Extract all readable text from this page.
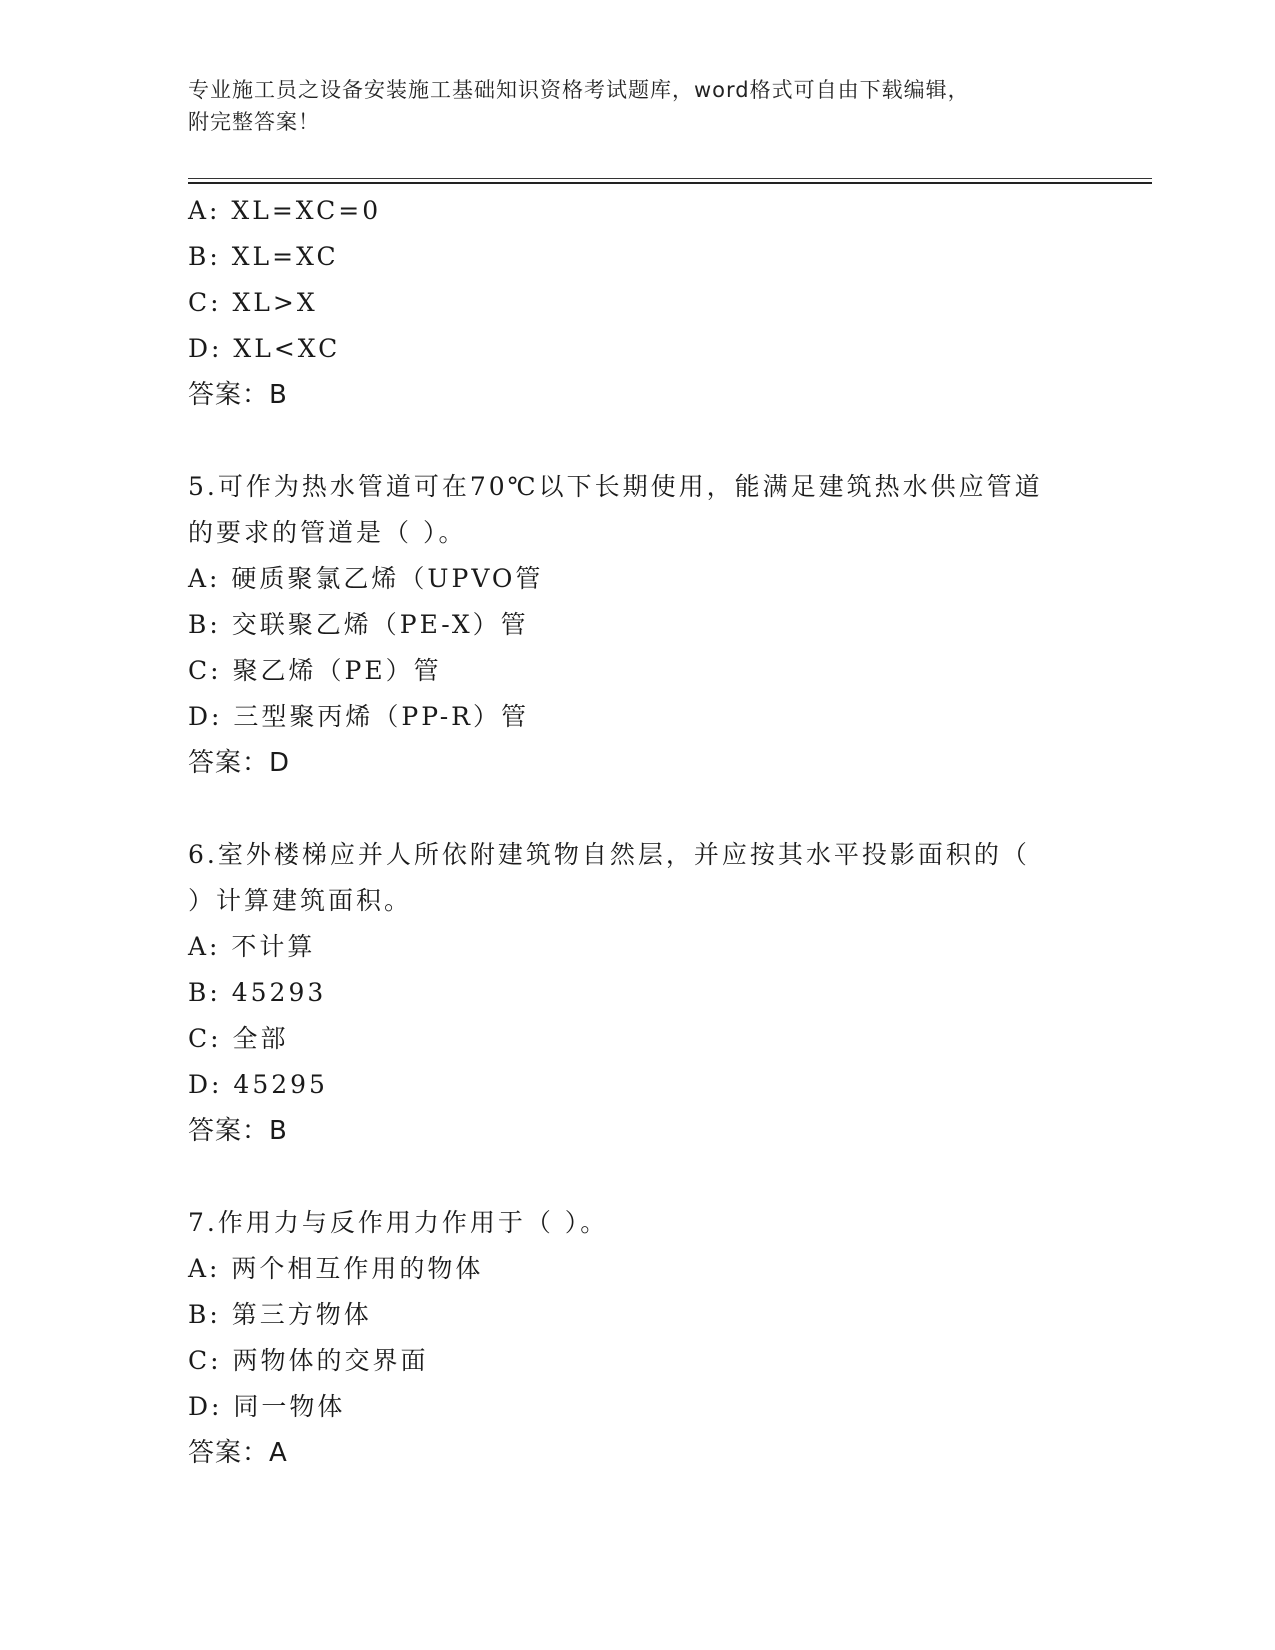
专业施工员之设备安装施工基础知识资格考试题库，word格式可自由下载编辑，
附完整答案！
A: XL=XC=0
B: XL=XC
C: XL>X
D: XL<XC
答案：B
5.可作为热水管道可在70℃以下长期使用，能满足建筑热水供应管道
的要求的管道是（ ）。
A: 硬质聚氯乙烯（UPVO管
B: 交联聚乙烯（PE-X）管
C: 聚乙烯（PE）管
D: 三型聚丙烯（PP-R）管
答案：D
6.室外楼梯应并人所依附建筑物自然层，并应按其水平投影面积的（
）计算建筑面积。
A: 不计算
B: 45293
C: 全部
D: 45295
答案：B
7.作用力与反作用力作用于（ ）。
A: 两个相互作用的物体
B: 第三方物体
C: 两物体的交界面
D: 同一物体
答案：A
